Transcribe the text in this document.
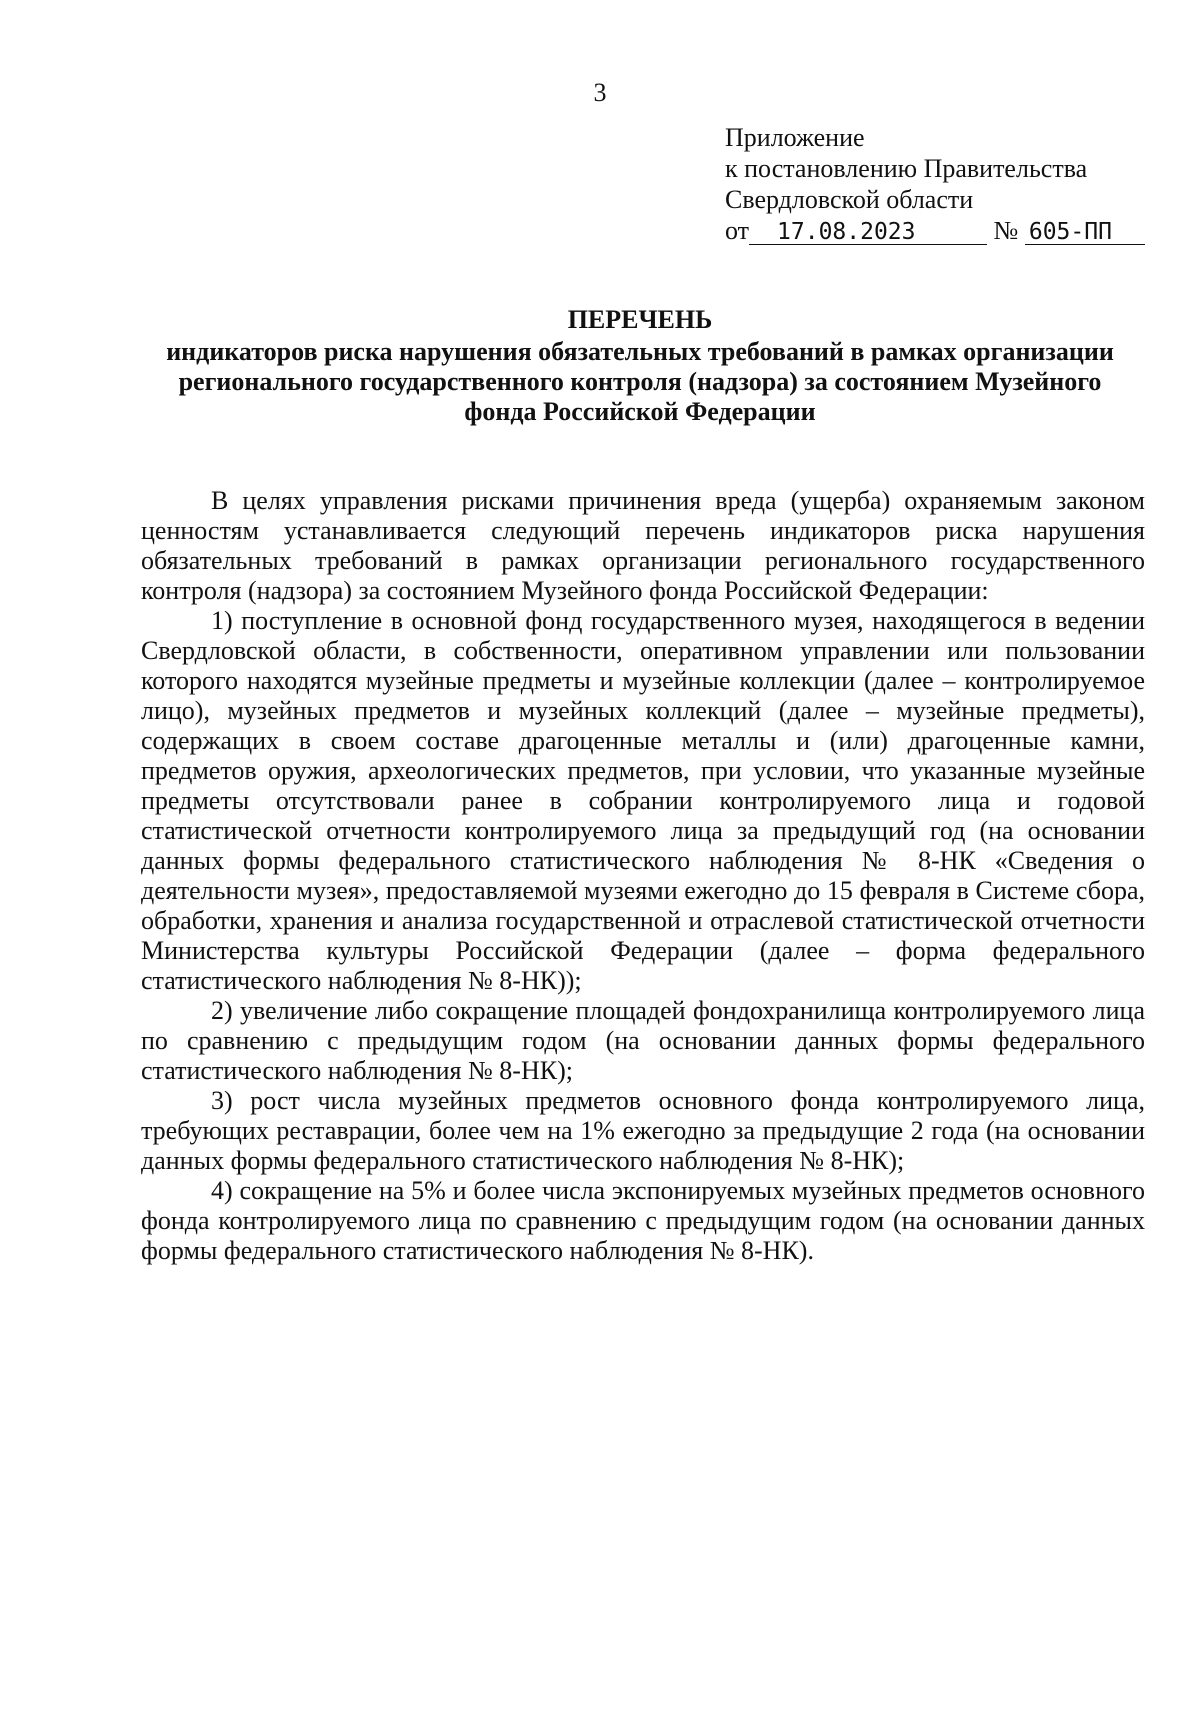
3
Приложение
к постановлению Правительства
Свердловской области
от 17.08.2023	№ 605-ПП
ПЕРЕЧЕНЬ
индикаторов риска нарушения обязательных требований в рамках организации регионального государственного контроля (надзора) за состоянием Музейного фонда Российской Федерации

В целях управления рисками причинения вреда (ущерба) охраняемым законом ценностям устанавливается следующий перечень индикаторов риска нарушения обязательных требований в рамках организации регионального государственного контроля (надзора) за состоянием Музейного фонда Российской Федерации:

1) поступление в основной фонд государственного музея, находящегося в ведении Свердловской области, в собственности, оперативном управлении или пользовании которого находятся музейные предметы и музейные коллекции (далее – контролируемое лицо), музейных предметов и музейных коллекций (далее – музейные предметы), содержащих в своем составе драгоценные металлы и (или) драгоценные камни, предметов оружия, археологических предметов, при условии, что указанные музейные предметы отсутствовали ранее в собрании контролируемого лица и годовой статистической отчетности контролируемого лица за предыдущий год (на основании данных формы федерального статистического наблюдения № 8-НК «Сведения о деятельности музея», предоставляемой музеями ежегодно до 15 февраля в Системе сбора, обработки, хранения и анализа государственной и отраслевой статистической отчетности Министерства культуры Российской Федерации (далее – форма федерального статистического наблюдения № 8-НК));

2) увеличение либо сокращение площадей фондохранилища контролируемого лица по сравнению с предыдущим годом (на основании данных формы федерального статистического наблюдения № 8-НК);

3) рост числа музейных предметов основного фонда контролируемого лица, требующих реставрации, более чем на 1% ежегодно за предыдущие 2 года (на основании данных формы федерального статистического наблюдения № 8-НК);

4) сокращение на 5% и более числа экспонируемых музейных предметов основного фонда контролируемого лица по сравнению с предыдущим годом (на основании данных формы федерального статистического наблюдения № 8-НК).
